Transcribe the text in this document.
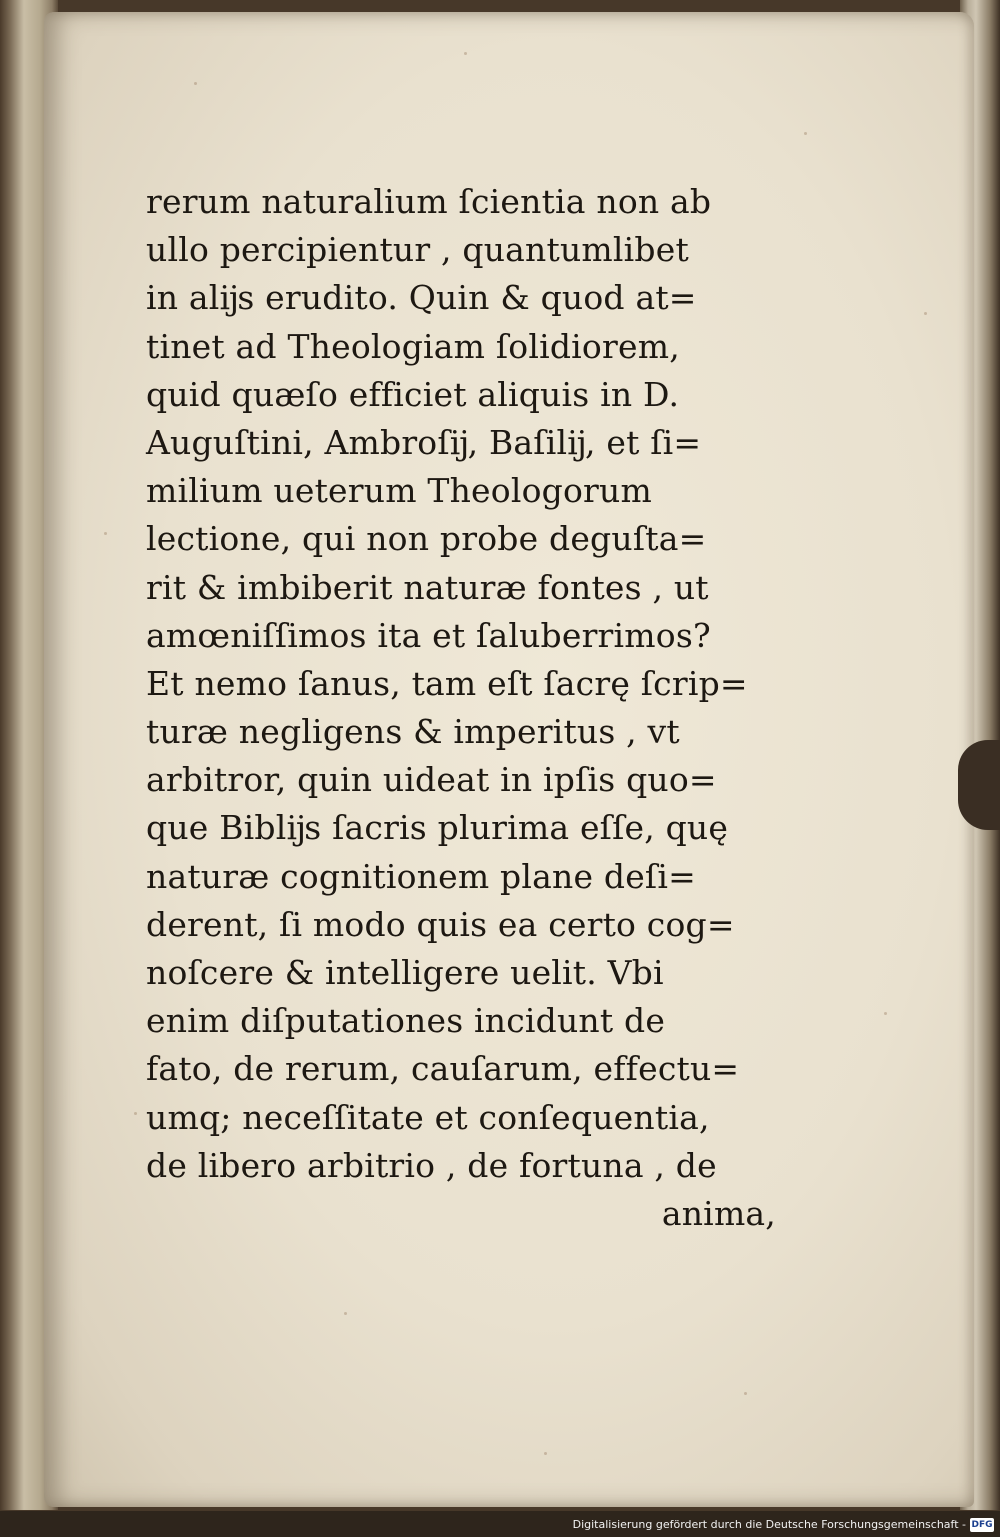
rerum naturalium ſcientia non ab
ullo percipientur , quantumlibet
in alĳs erudito. Quin & quod at=
tinet ad Theologiam ſolidiorem,
quid quæſo efficiet aliquis in D.
Auguſtini, Ambroſĳ, Baſilĳ, et ſi=
milium ueterum Theologorum
lectione, qui non probe deguſta=
rit & imbiberit naturæ fontes , ut
amœniſſimos ita et ſaluberrimos?
Et nemo ſanus, tam eſt ſacrę ſcrip=
turæ negligens & imperitus , vt
arbitror, quin uideat in ipſis quo=
que Biblĳs ſacris plurima eſſe, quę
naturæ cognitionem plane deſi=
derent, ſi modo quis ea certo cog=
noſcere & intelligere uelit. Vbi
enim diſputationes incidunt de
fato, de rerum, cauſarum, effectu=
umq; neceſſitate et conſequentia,
de libero arbitrio , de fortuna , de
anima,
Digitalisierung gefördert durch die Deutsche Forschungsgemeinschaft - DFG
